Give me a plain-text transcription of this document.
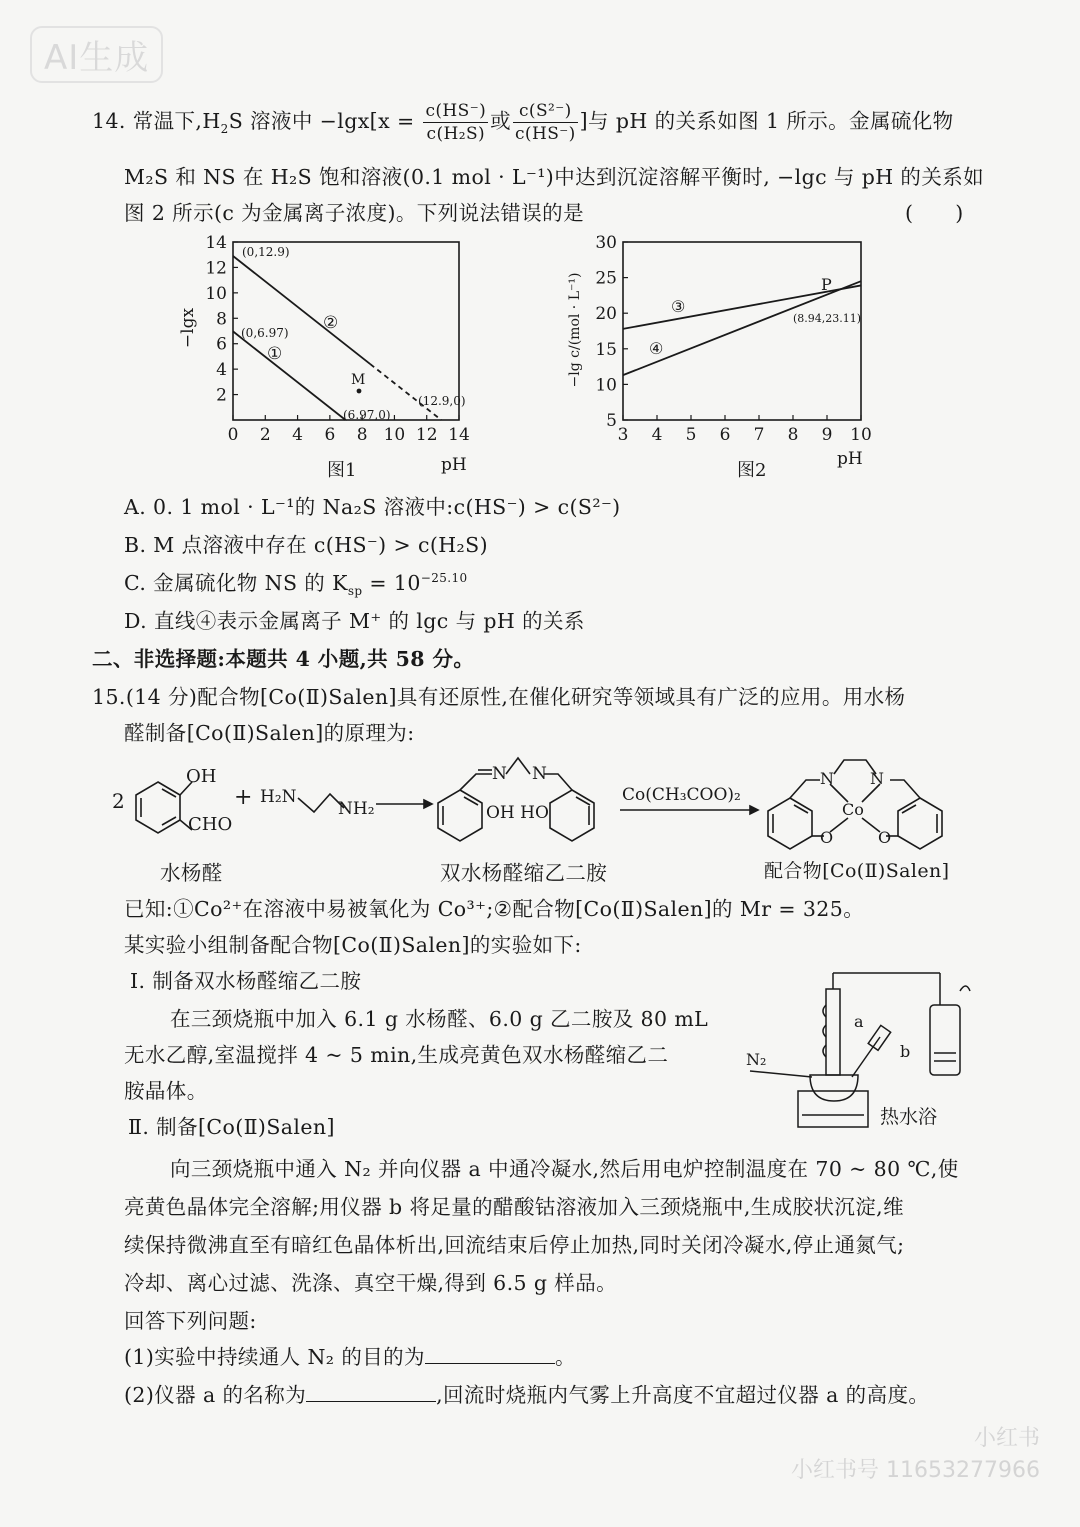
AI生成
小红书
小红书号 11653277966
14. 常温下$,H_2S$ 溶液中 $-\lg x[x = \frac{c(HS^-)}{\text{c(H₂S)}}$ 或 $\frac{\text{c(S²⁻)}}{c(HS^-)}$ ]与 pH 的关系如图 1 所示。金属硫化物
M₂S 和 NS 在 H₂S 饱和溶液(0.1 mol · L⁻¹)中达到沉淀溶解平衡时, −lgc 与 pH 的关系如
图 2 所示(c 为金属离子浓度)。下列说法错误的是	(　　)
0 2 4 6 8 10 12 14
2
4
6
8
10
12
14
−lgx
pH
图1
(0,12.9)
(0,6.97)
(6.97,0)
(12.9,0)
①
②
M
3 4 5 6 7 8 9 10
5
10
15
20
25
30
−lg c/(mol · L⁻¹)
pH
图2
P
(8.94,23.11)
③
④
A. 0. 1 mol · L⁻¹的 Na₂S 溶液中:c(HS⁻) > c(S²⁻)
B. M 点溶液中存在 c(HS⁻) > c(H₂S)
C. 金属硫化物 NS 的 $K_{sp} = 10^{-25.10}$
D. 直线④表示金属离子 M⁺ 的 lgc 与 pH 的关系
二、非选择题:本题共 4 小题,共 58 分。
15.(14 分)配合物[Co(Ⅱ)Salen]具有还原性,在催化研究等领域具有广泛的应用。用水杨
醛制备[Co(Ⅱ)Salen]的原理为:
2
OH
CHO
+ H₂N
NH₂
N N
OH HO
Co(CH₃COO)₂
N N
Co
O	O
水杨醛	双水杨醛缩乙二胺	配合物[Co(Ⅱ)Salen]
已知:①Co²⁺在溶液中易被氧化为 Co³⁺;②配合物[Co(Ⅱ)Salen]的 Mr = 325。
某实验小组制备配合物[Co(Ⅱ)Salen]的实验如下:
Ⅰ. 制备双水杨醛缩乙二胺
在三颈烧瓶中加入 6.1 g 水杨醛、6.0 g 乙二胺及 80 mL
无水乙醇,室温搅拌 4 ~ 5 min,生成亮黄色双水杨醛缩乙二
胺晶体。
Ⅱ. 制备[Co(Ⅱ)Salen]
N₂
a
b
热水浴
向三颈烧瓶中通入 N₂ 并向仪器 a 中通冷凝水,然后用电炉控制温度在 70 ~ 80 ℃,使
亮黄色晶体完全溶解;用仪器 b 将足量的醋酸钴溶液加入三颈烧瓶中,生成胶状沉淀,维
续保持微沸直至有暗红色晶体析出,回流结束后停止加热,同时关闭冷凝水,停止通氮气;
冷却、离心过滤、洗涤、真空干燥,得到 6.5 g 样品。
回答下列问题:
(1)实验中持续通人 N₂ 的目的为	。
(2)仪器 a 的名称为	,回流时烧瓶内气雾上升高度不宜超过仪器 a 的高度。
